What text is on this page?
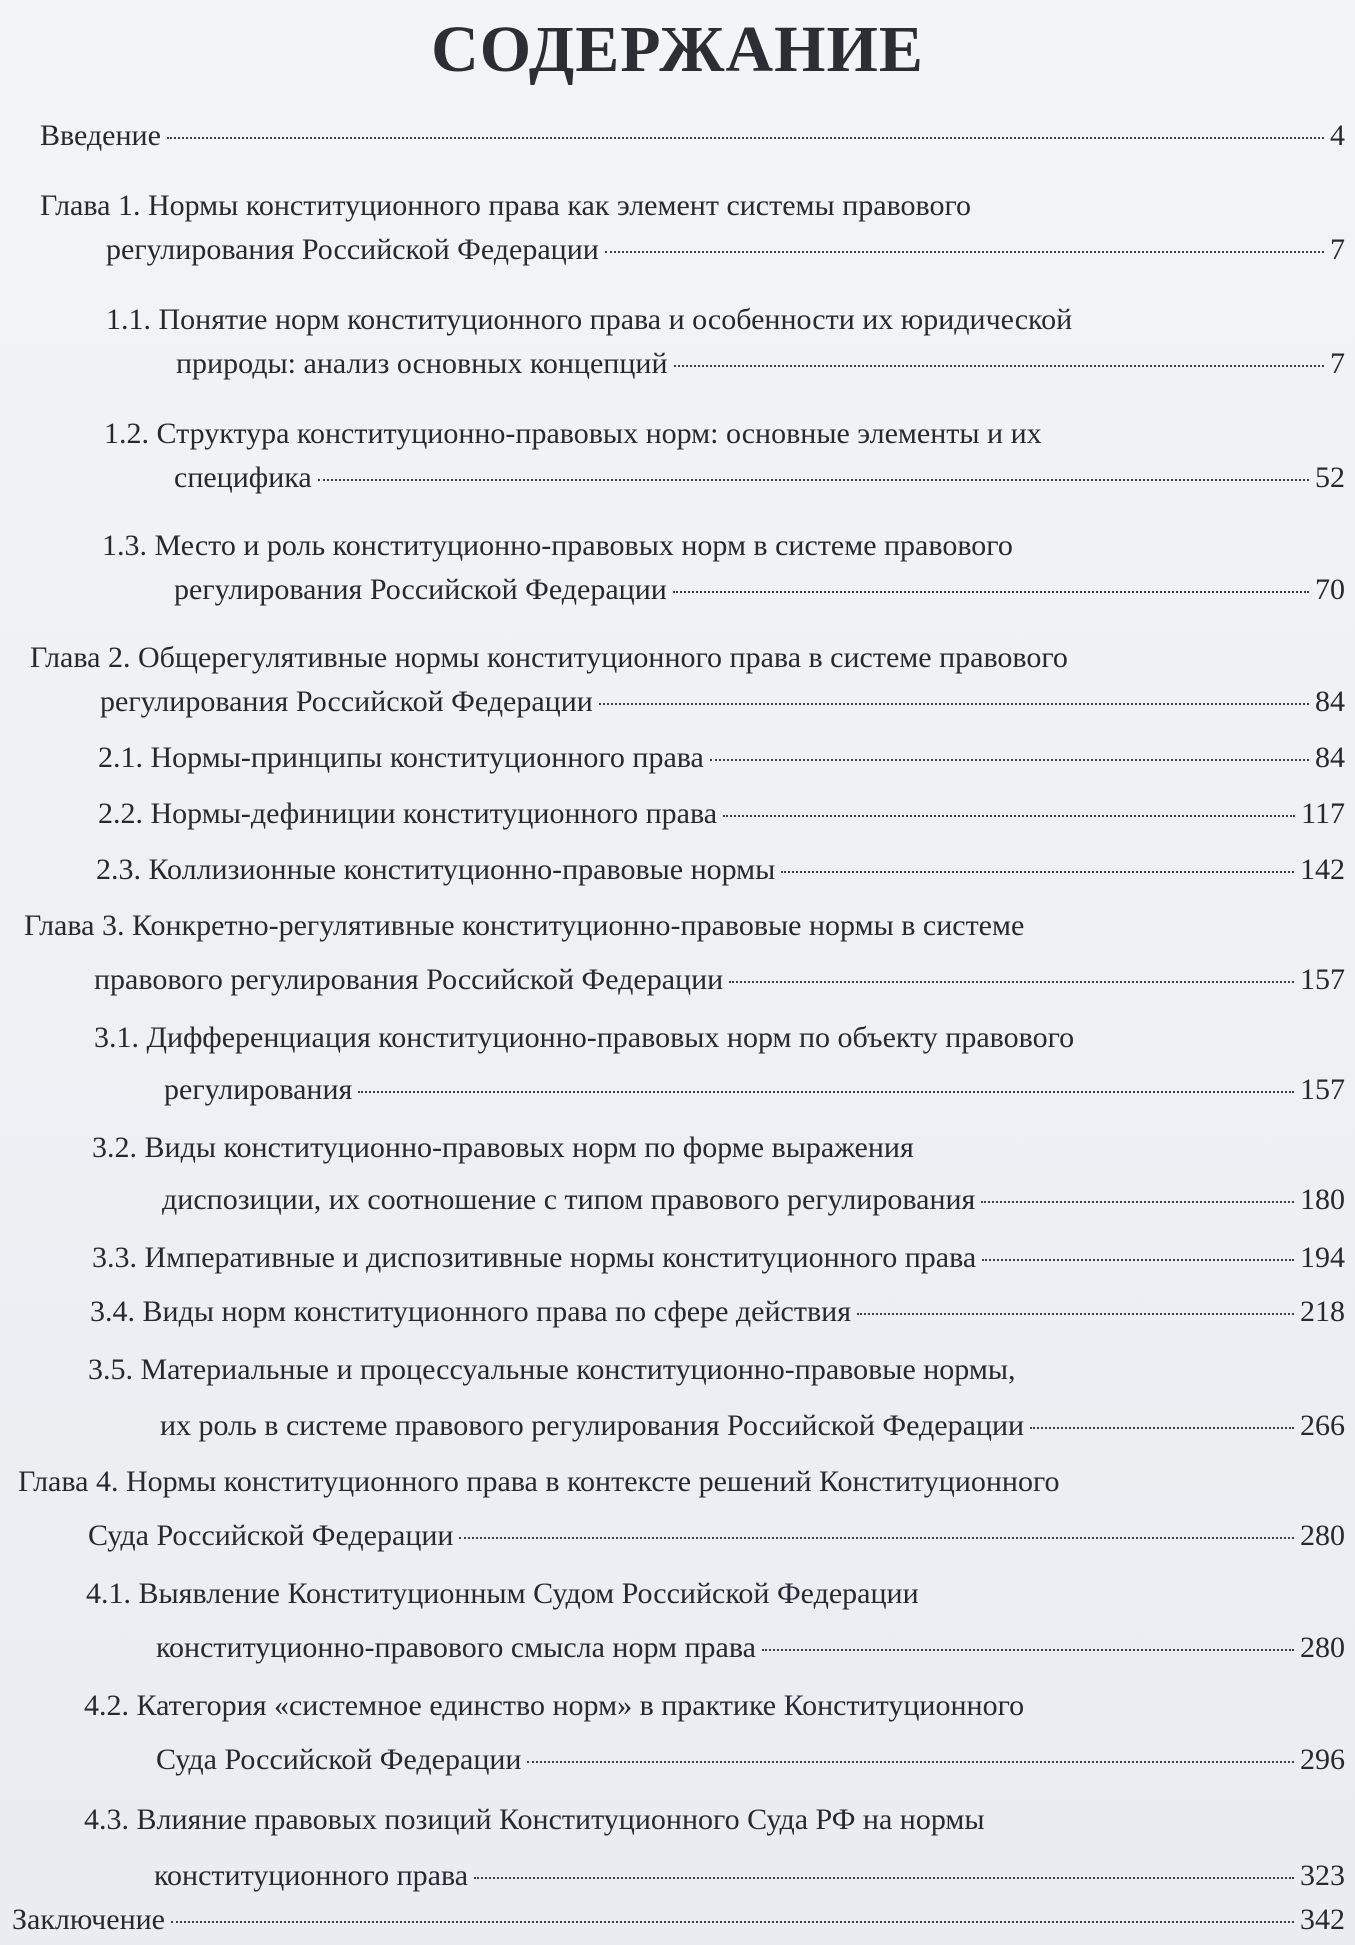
СОДЕРЖАНИЕ
Введение	4
Глава 1. Нормы конституционного права как элемент системы правового
регулирования Российской Федерации	7
1.1. Понятие норм конституционного права и особенности их юридической
природы: анализ основных концепций	7
1.2. Структура конституционно-правовых норм: основные элементы и их
специфика	52
1.3. Место и роль конституционно-правовых норм в системе правового
регулирования Российской Федерации	70
Глава 2. Общерегулятивные нормы конституционного права в системе правового
регулирования Российской Федерации	84
2.1. Нормы-принципы конституционного права	84
2.2. Нормы-дефиниции конституционного права	117
2.3. Коллизионные конституционно-правовые нормы	142
Глава 3. Конкретно-регулятивные конституционно-правовые нормы в системе
правового регулирования Российской Федерации	157
3.1. Дифференциация конституционно-правовых норм по объекту правового
регулирования	157
3.2. Виды конституционно-правовых норм по форме выражения
диспозиции, их соотношение с типом правового регулирования	180
3.3. Императивные и диспозитивные нормы конституционного права	194
3.4. Виды норм конституционного права по сфере действия	218
3.5. Материальные и процессуальные конституционно-правовые нормы,
их роль в системе правового регулирования Российской Федерации	266
Глава 4. Нормы конституционного права в контексте решений Конституционного
Суда Российской Федерации	280
4.1. Выявление Конституционным Судом Российской Федерации
конституционно-правового смысла норм права	280
4.2. Категория «системное единство норм» в практике Конституционного
Суда Российской Федерации	296
4.3. Влияние правовых позиций Конституционного Суда РФ на нормы
конституционного права	323
Заключение	342
